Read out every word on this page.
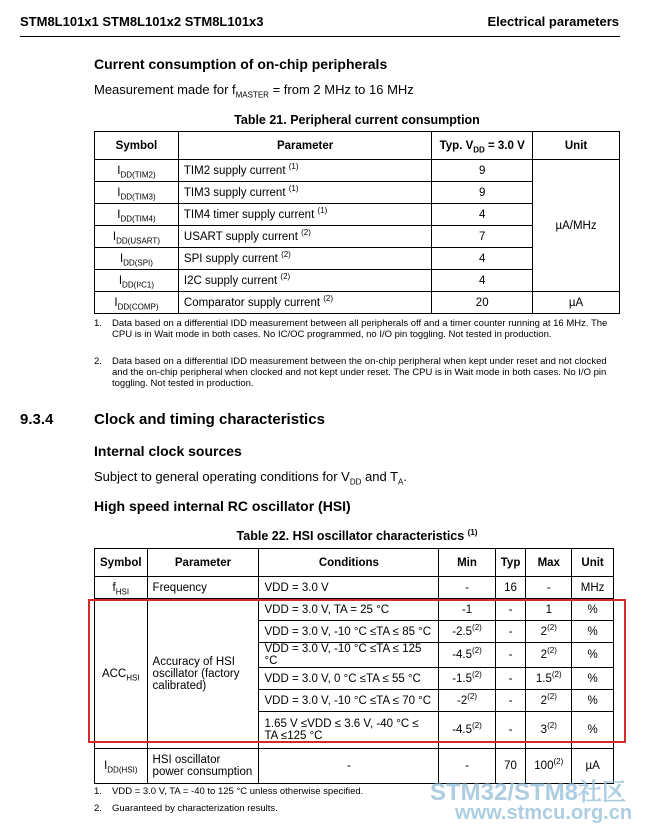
STM8L101x1 STM8L101x2 STM8L101x3	Electrical parameters
Current consumption of on-chip peripherals
Measurement made for $f_{MASTER}$ = from 2 MHz to 16 MHz
Table 21. Peripheral current consumption
Symbol	Parameter	Typ. $V_{DD} = 3.0$ V	Unit
$I_{DD(TIM2)}$	TIM2 supply current $^{(1)}$	9	µA/MHz
$I_{DD(TIM3)}$	TIM3 supply current $^{(1)}$	9	
$I_{DD(TIM4)}$	TIM4 timer supply current $^{(1)}$	4	
$I_{DD(USART)}$	USART supply current $^{(2)}$	7	
$I_{DD(SPI)}$	SPI supply current $^{(2)}$	4	
$I_{DD(I^2C1)}$	I2C supply current $^{(2)}$	4	
$I_{DD(COMP)}$	Comparator supply current $^{(2)}$	20	µA
1. Data based on a differential IDD measurement between all peripherals off and a timer counter running at 16 MHz. The CPU is in Wait mode in both cases. No IC/OC programmed, no I/O pin toggling. Not tested in production.
2. Data based on a differential IDD measurement between the on-chip peripheral when kept under reset and not clocked and the on-chip peripheral when clocked and not kept under reset. The CPU is in Wait mode in both cases. No I/O pin toggling. Not tested in production.
9.3.4	Clock and timing characteristics
Internal clock sources
Subject to general operating conditions for $V_{DD}$ and $T_A$.
High speed internal RC oscillator (HSI)
Table 22. HSI oscillator characteristics $^{(1)}$
Symbol	Parameter	Conditions	Min	Typ	Max	Unit
$f_{HSI}$	Frequency	VDD = 3.0 V	-	16	-	MHz
$ACC_{HSI}$	Accuracy of HSI oscillator (factory calibrated)	VDD = 3.0 V, TA = 25 °C	-1	-	1	%
		VDD = 3.0 V, -10 °C ≤TA ≤ 85 °C	-2.5$^{(2)}$	-	2$^{(2)}$	%
		VDD = 3.0 V, -10 °C ≤TA ≤ 125 °C	-4.5$^{(2)}$	-	2$^{(2)}$	%
		VDD = 3.0 V, 0 °C ≤TA ≤ 55 °C	-1.5$^{(2)}$	-	1.5$^{(2)}$	%
		VDD = 3.0 V, -10 °C ≤TA ≤ 70 °C	-2$^{(2)}$	-	2$^{(2)}$	%
		1.65 V ≤VDD ≤ 3.6 V, -40 °C ≤ TA ≤125 °C	-4.5$^{(2)}$	-	3$^{(2)}$	%
$I_{DD(HSI)}$	HSI oscillator power consumption	-	-	70	100$^{(2)}$	µA
1. VDD = 3.0 V, TA = -40 to 125 °C unless otherwise specified.
2. Guaranteed by characterization results.
STM32/STM8社区
www.stmcu.org.cn
